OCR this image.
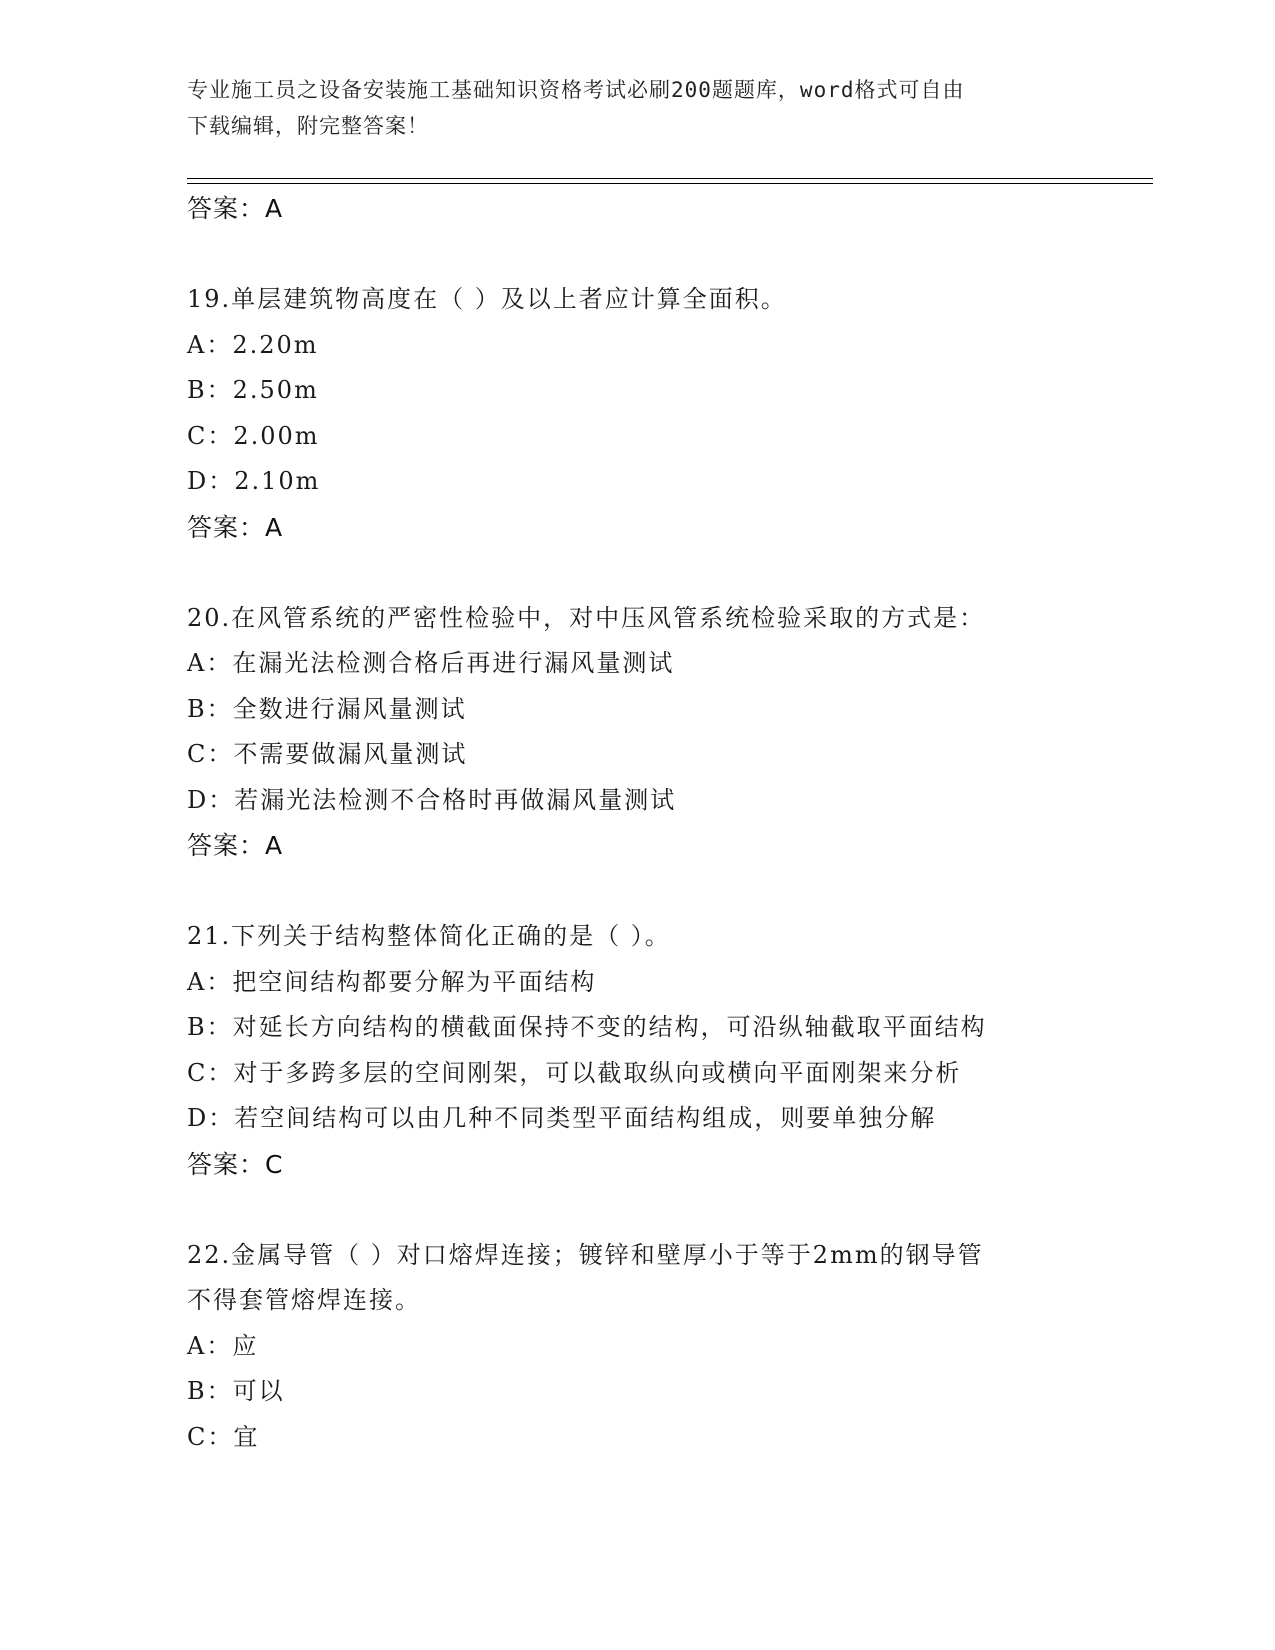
专业施工员之设备安装施工基础知识资格考试必刷200题题库，word格式可自由
下载编辑，附完整答案！
答案：A
19.单层建筑物高度在（ ）及以上者应计算全面积。
A：2.20m
B：2.50m
C：2.00m
D：2.10m
答案：A
20.在风管系统的严密性检验中，对中压风管系统检验采取的方式是：
A：在漏光法检测合格后再进行漏风量测试
B：全数进行漏风量测试
C：不需要做漏风量测试
D：若漏光法检测不合格时再做漏风量测试
答案：A
21.下列关于结构整体简化正确的是（ ）。
A：把空间结构都要分解为平面结构
B：对延长方向结构的横截面保持不变的结构，可沿纵轴截取平面结构
C：对于多跨多层的空间刚架，可以截取纵向或横向平面刚架来分析
D：若空间结构可以由几种不同类型平面结构组成，则要单独分解
答案：C
22.金属导管（ ）对口熔焊连接；镀锌和壁厚小于等于2mm的钢导管
不得套管熔焊连接。
A：应
B：可以
C：宜
